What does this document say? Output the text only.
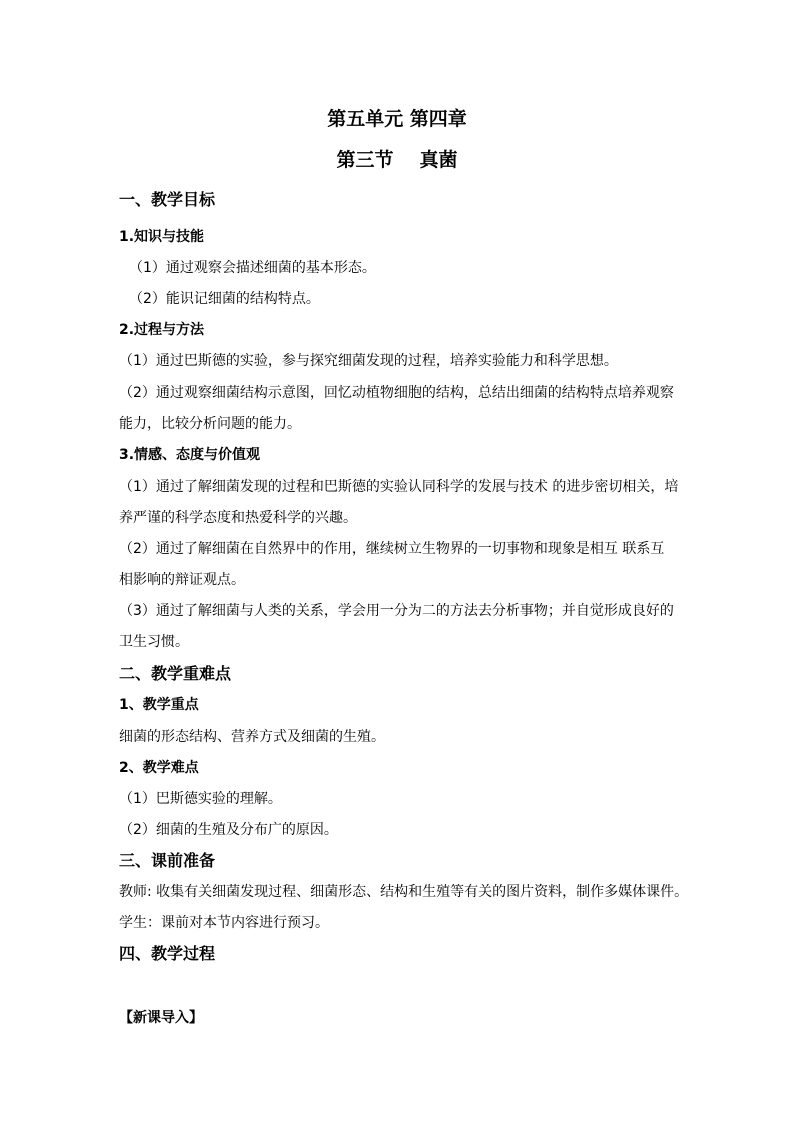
第五单元 第四章
第三节 真菌
一、教学目标
1.知识与技能
（1）通过观察会描述细菌的基本形态。
（2）能识记细菌的结构特点。
2.过程与方法
（1）通过巴斯德的实验，参与探究细菌发现的过程，培养实验能力和科学思想。
（2）通过观察细菌结构示意图，回忆动植物细胞的结构，总结出细菌的结构特点培养观察
能力，比较分析问题的能力。
3.情感、态度与价值观
（1）通过了解细菌发现的过程和巴斯德的实验认同科学的发展与技术 的进步密切相关，培
养严谨的科学态度和热爱科学的兴趣。
（2）通过了解细菌在自然界中的作用，继续树立生物界的一切事物和现象是相互 联系互
相影响的辩证观点。
（3）通过了解细菌与人类的关系，学会用一分为二的方法去分析事物；并自觉形成良好的
卫生习惯。
二、教学重难点
1、教学重点
细菌的形态结构、营养方式及细菌的生殖。
2、教学难点
（1）巴斯德实验的理解。
（2）细菌的生殖及分布广的原因。
三、课前准备
教师: 收集有关细菌发现过程、细菌形态、结构和生殖等有关的图片资料，制作多媒体课件。
学生：课前对本节内容进行预习。
四、教学过程
【新课导入】
